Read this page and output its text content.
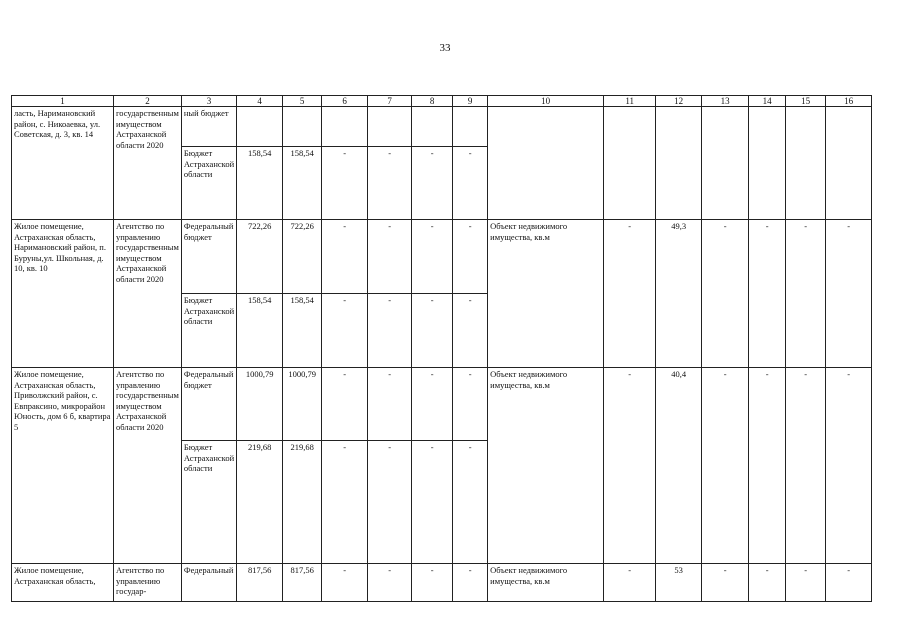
33
1	2	3	4	5	6	7	8	9	10	11	12	13	14	15	16
ласть, Наримановский район, с. Никоаевка, ул. Советская, д. 3, кв. 14	государственным имуществом Астраханской области 2020	ный бюджет													
		Бюджет Астраханской области	158,54	158,54	-	-	-	-							
Жилое помещение, Астраханская область, Наримановский район, п. Буруны,ул. Школьная, д. 10, кв. 10	Агентство по управлению государственным имуществом Астраханской области 2020	Федеральный бюджет	722,26	722,26	-	-	-	-	Объект недвижимого имущества, кв.м	-	49,3	-	-	-	-
		Бюджет Астраханской области	158,54	158,54	-	-	-	-							
Жилое помещение, Астраханская область, Приволжский район, с. Евпраксино, микрорайон Юность, дом 6 б, квартира 5	Агентство по управлению государственным имуществом Астраханской области 2020	Федеральный бюджет	1000,79	1000,79	-	-	-	-	Объект недвижимого имущества, кв.м	-	40,4	-	-	-	-
		Бюджет Астраханской области	219,68	219,68	-	-	-	-							
Жилое помещение, Астраханская область,	Агентство по управлению государ-	Федеральный	817,56	817,56	-	-	-	-	Объект недвижимого имущества, кв.м	-	53	-	-	-	-
